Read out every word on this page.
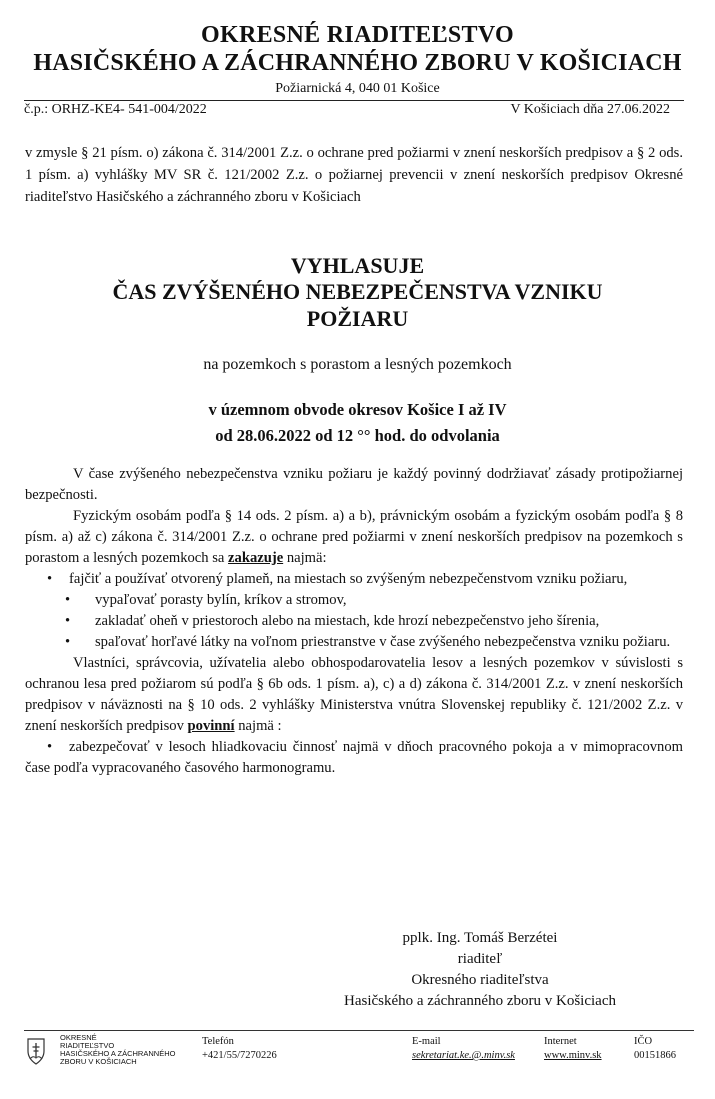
OKRESNÉ RIADITEĽSTVO
HASIČSKÉHO A ZÁCHRANNÉHO ZBORU V KOŠICIACH
Požiarnická 4, 040 01 Košice
č.p.: ORHZ-KE4- 541-004/2022	V Košiciach dňa 27.06.2022
v zmysle § 21 písm. o) zákona č. 314/2001 Z.z. o ochrane pred požiarmi v znení neskorších predpisov a § 2 ods. 1 písm. a) vyhlášky MV SR č. 121/2002 Z.z. o požiarnej prevencii v znení neskorších predpisov Okresné riaditeľstvo Hasičského a záchranného zboru v Košiciach
VYHLASUJE
ČAS ZVÝŠENÉHO NEBEZPEČENSTVA VZNIKU
POŽIARU
na pozemkoch s porastom a lesných pozemkoch
v územnom obvode okresov Košice I až IV
od 28.06.2022 od 12 °° hod. do odvolania

V čase zvýšeného nebezpečenstva vzniku požiaru je každý povinný dodržiavať zásady protipožiarnej bezpečnosti.

Fyzickým osobám podľa § 14 ods. 2 písm. a) a b), právnickým osobám a fyzickým osobám podľa § 8 písm. a) až c) zákona č. 314/2001 Z.z. o ochrane pred požiarmi v znení neskorších predpisov na pozemkoch s porastom a lesných pozemkoch sa zakazuje najmä:

• fajčiť a používať otvorený plameň, na miestach so zvýšeným nebezpečenstvom vzniku požiaru,
• vypaľovať porasty bylín, kríkov a stromov,
• zakladať oheň v priestoroch alebo na miestach, kde hrozí nebezpečenstvo jeho šírenia,
• spaľovať horľavé látky na voľnom priestranstve v čase zvýšeného nebezpečenstva vzniku požiaru.

Vlastníci, správcovia, užívatelia alebo obhospodarovatelia lesov a lesných pozemkov v súvislosti s ochranou lesa pred požiarom sú podľa § 6b ods. 1 písm. a), c) a d) zákona č. 314/2001 Z.z. v znení neskorších predpisov v náväznosti na § 10 ods. 2 vyhlášky Ministerstva vnútra Slovenskej republiky č. 121/2002 Z.z. v znení neskorších predpisov povinní najmä :

• zabezpečovať v lesoch hliadkovaciu činnosť najmä v dňoch pracovného pokoja a v mimopracovnom čase podľa vypracovaného časového harmonogramu.
pplk. Ing. Tomáš Berzétei
riaditeľ
Okresného riaditeľstva
Hasičského a záchranného zboru v Košiciach
OKRESNÉ
RIADITEĽSTVO
HASIČSKÉHO A ZÁCHRANNÉHO
ZBORU V KOŠICIACH
Telefón
+421/55/7270226
E-mail
sekretariat.ke.@.minv.sk
Internet
www.minv.sk
IČO
00151866
